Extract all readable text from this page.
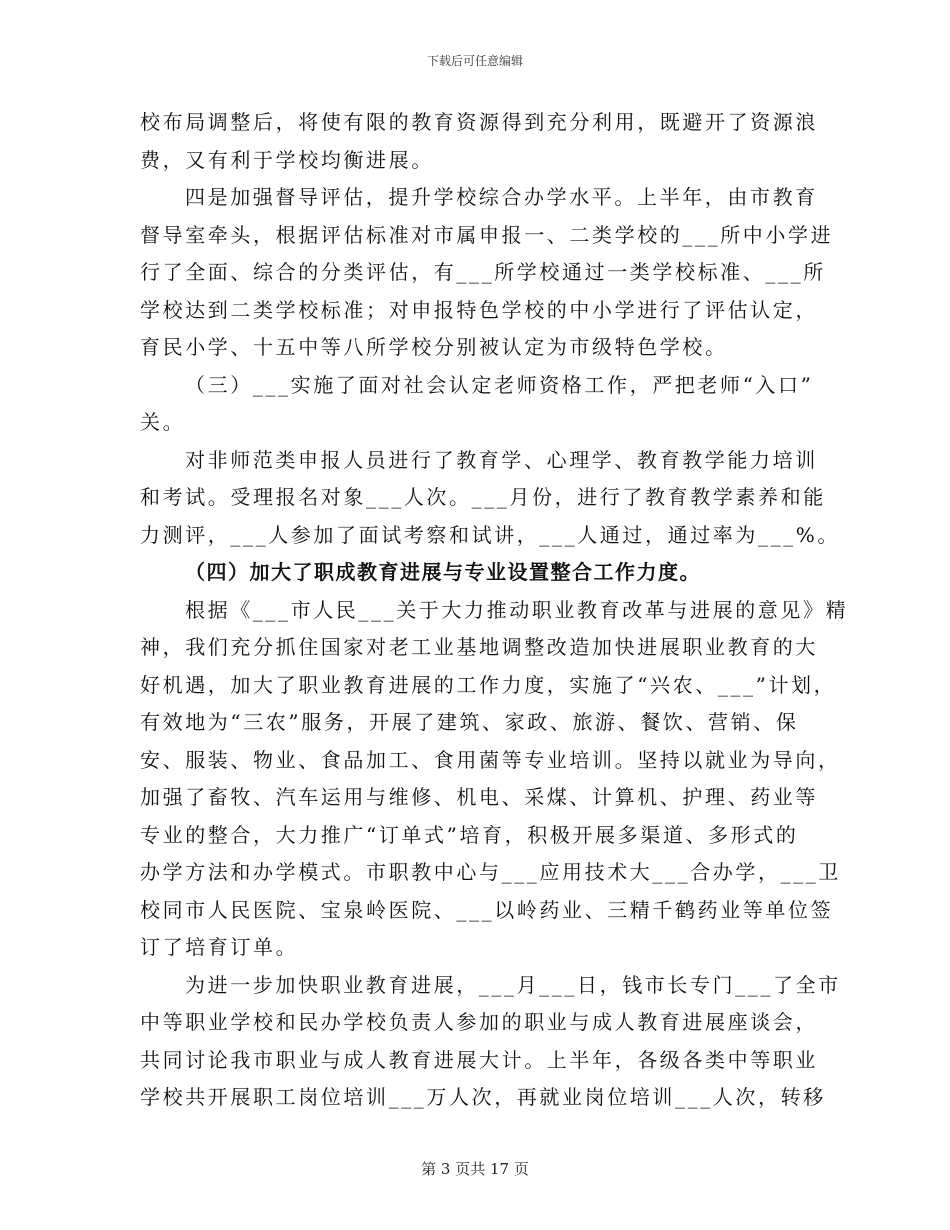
下载后可任意编辑
校布局调整后，将使有限的教育资源得到充分利用，既避开了资源浪
费，又有利于学校均衡进展。
四是加强督导评估，提升学校综合办学水平。上半年，由市教育
督导室牵头，根据评估标准对市属申报一、二类学校的___所中小学进
行了全面、综合的分类评估，有___所学校通过一类学校标准、___所
学校达到二类学校标准；对申报特色学校的中小学进行了评估认定，
育民小学、十五中等八所学校分别被认定为市级特色学校。
（三）___实施了面对社会认定老师资格工作，严把老师“入口”
关。
对非师范类申报人员进行了教育学、心理学、教育教学能力培训
和考试。受理报名对象___人次。___月份，进行了教育教学素养和能
力测评，___人参加了面试考察和试讲，___人通过，通过率为___%。
（四）加大了职成教育进展与专业设置整合工作力度。
根据《___市人民___关于大力推动职业教育改革与进展的意见》精
神，我们充分抓住国家对老工业基地调整改造加快进展职业教育的大
好机遇，加大了职业教育进展的工作力度，实施了“兴农、___”计划，
有效地为“三农”服务，开展了建筑、家政、旅游、餐饮、营销、保
安、服装、物业、食品加工、食用菌等专业培训。坚持以就业为导向，
加强了畜牧、汽车运用与维修、机电、采煤、计算机、护理、药业等
专业的整合，大力推广“订单式”培育，积极开展多渠道、多形式的
办学方法和办学模式。市职教中心与___应用技术大___合办学，___卫
校同市人民医院、宝泉岭医院、___以岭药业、三精千鹤药业等单位签
订了培育订单。
为进一步加快职业教育进展，___月___日，钱市长专门___了全市
中等职业学校和民办学校负责人参加的职业与成人教育进展座谈会，
共同讨论我市职业与成人教育进展大计。上半年，各级各类中等职业
学校共开展职工岗位培训___万人次，再就业岗位培训___人次，转移
第 3 页共 17 页
